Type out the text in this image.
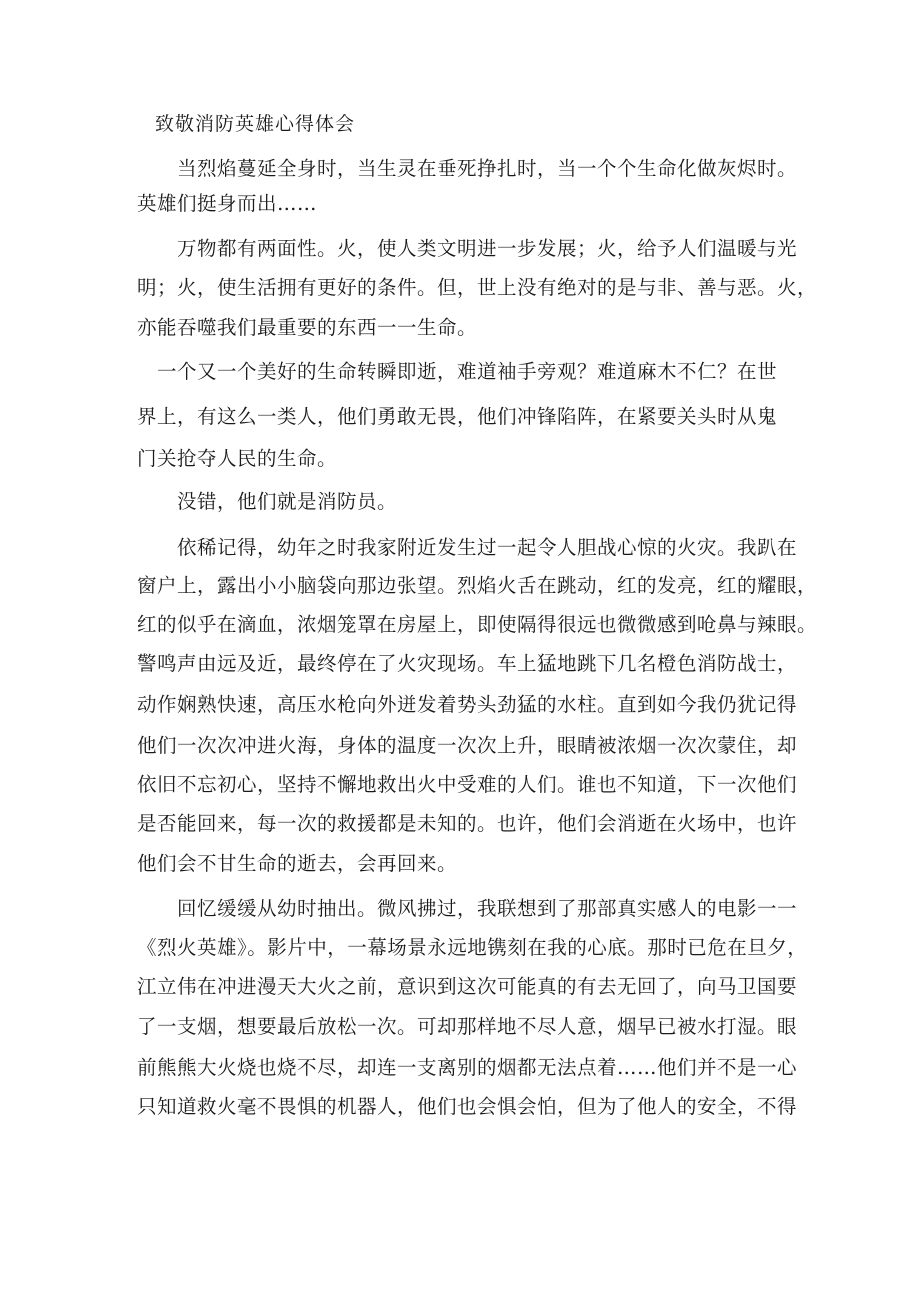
致敬消防英雄心得体会
当烈焰蔓延全身时，当生灵在垂死挣扎时，当一个个生命化做灰烬时。
英雄们挺身而出……
万物都有两面性。火，使人类文明进一步发展；火，给予人们温暖与光
明；火，使生活拥有更好的条件。但，世上没有绝对的是与非、善与恶。火，
亦能吞噬我们最重要的东西一一生命。
一个又一个美好的生命转瞬即逝，难道袖手旁观？难道麻木不仁？在世
界上，有这么一类人，他们勇敢无畏，他们冲锋陷阵，在紧要关头时从鬼
门关抢夺人民的生命。
没错，他们就是消防员。
依稀记得，幼年之时我家附近发生过一起令人胆战心惊的火灾。我趴在
窗户上，露出小小脑袋向那边张望。烈焰火舌在跳动，红的发亮，红的耀眼，
红的似乎在滴血，浓烟笼罩在房屋上，即使隔得很远也微微感到呛鼻与辣眼。
警鸣声由远及近，最终停在了火灾现场。车上猛地跳下几名橙色消防战士，
动作娴熟快速，高压水枪向外迸发着势头劲猛的水柱。直到如今我仍犹记得
他们一次次冲进火海，身体的温度一次次上升，眼睛被浓烟一次次蒙住，却
依旧不忘初心，坚持不懈地救出火中受难的人们。谁也不知道，下一次他们
是否能回来，每一次的救援都是未知的。也许，他们会消逝在火场中，也许
他们会不甘生命的逝去，会再回来。
回忆缓缓从幼时抽出。微风拂过，我联想到了那部真实感人的电影一一
《烈火英雄》。影片中，一幕场景永远地镌刻在我的心底。那时已危在旦夕，
江立伟在冲进漫天大火之前，意识到这次可能真的有去无回了，向马卫国要
了一支烟，想要最后放松一次。可却那样地不尽人意，烟早已被水打湿。眼
前熊熊大火烧也烧不尽，却连一支离别的烟都无法点着……他们并不是一心
只知道救火毫不畏惧的机器人，他们也会惧会怕，但为了他人的安全，不得
